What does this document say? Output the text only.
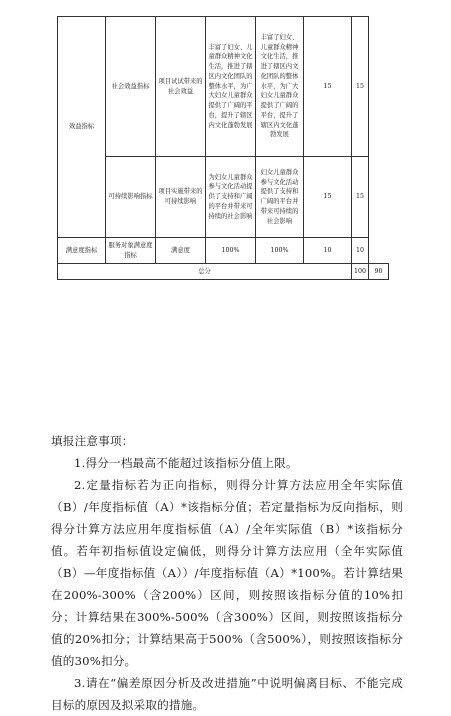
效益指标	社会效益指标	项目试试带来的社会效益	丰富了妇女、儿童群众精神文化生活，推进了辖区内文化团队的整体水平，为广大妇女儿童群众提供了广阔的平台，提升了辖区内文化蓬勃发展	丰富了妇女、儿童群众精神文化生活，推进了辖区内文化团队的整体水平，为广大妇女儿童群众提供了广阔的平台，提升了辖区内文化蓬勃发展	15	15	
	可持续影响指标	项目实施带来的可持续影响	为妇女儿童群众参与文化活动提供了支持和广阔的平台并带来可持续的社会影响	妇女儿童群众参与文化活动提供了支持和广阔的平台并带来可持续的社会影响	15	15	
满意度指标	服务对象满意度指标	满意度	100%	100%	10	10	
总分						100	90

填报注意事项：

1.得分一档最高不能超过该指标分值上限。

2.定量指标若为正向指标，则得分计算方法应用全年实际值（B）/年度指标值（A）*该指标分值；若定量指标为反向指标，则得分计算方法应用年度指标值（A）/全年实际值（B）*该指标分值。若年初指标值设定偏低，则得分计算方法应用（全年实际值（B）—年度指标值（A））/年度指标值（A）*100%。若计算结果在200%-300%（含200%）区间，则按照该指标分值的10%扣分；计算结果在300%-500%（含300%）区间，则按照该指标分值的20%扣分；计算结果高于500%（含500%），则按照该指标分值的30%扣分。

3.请在“偏差原因分析及改进措施”中说明偏离目标、不能完成目标的原因及拟采取的措施。
